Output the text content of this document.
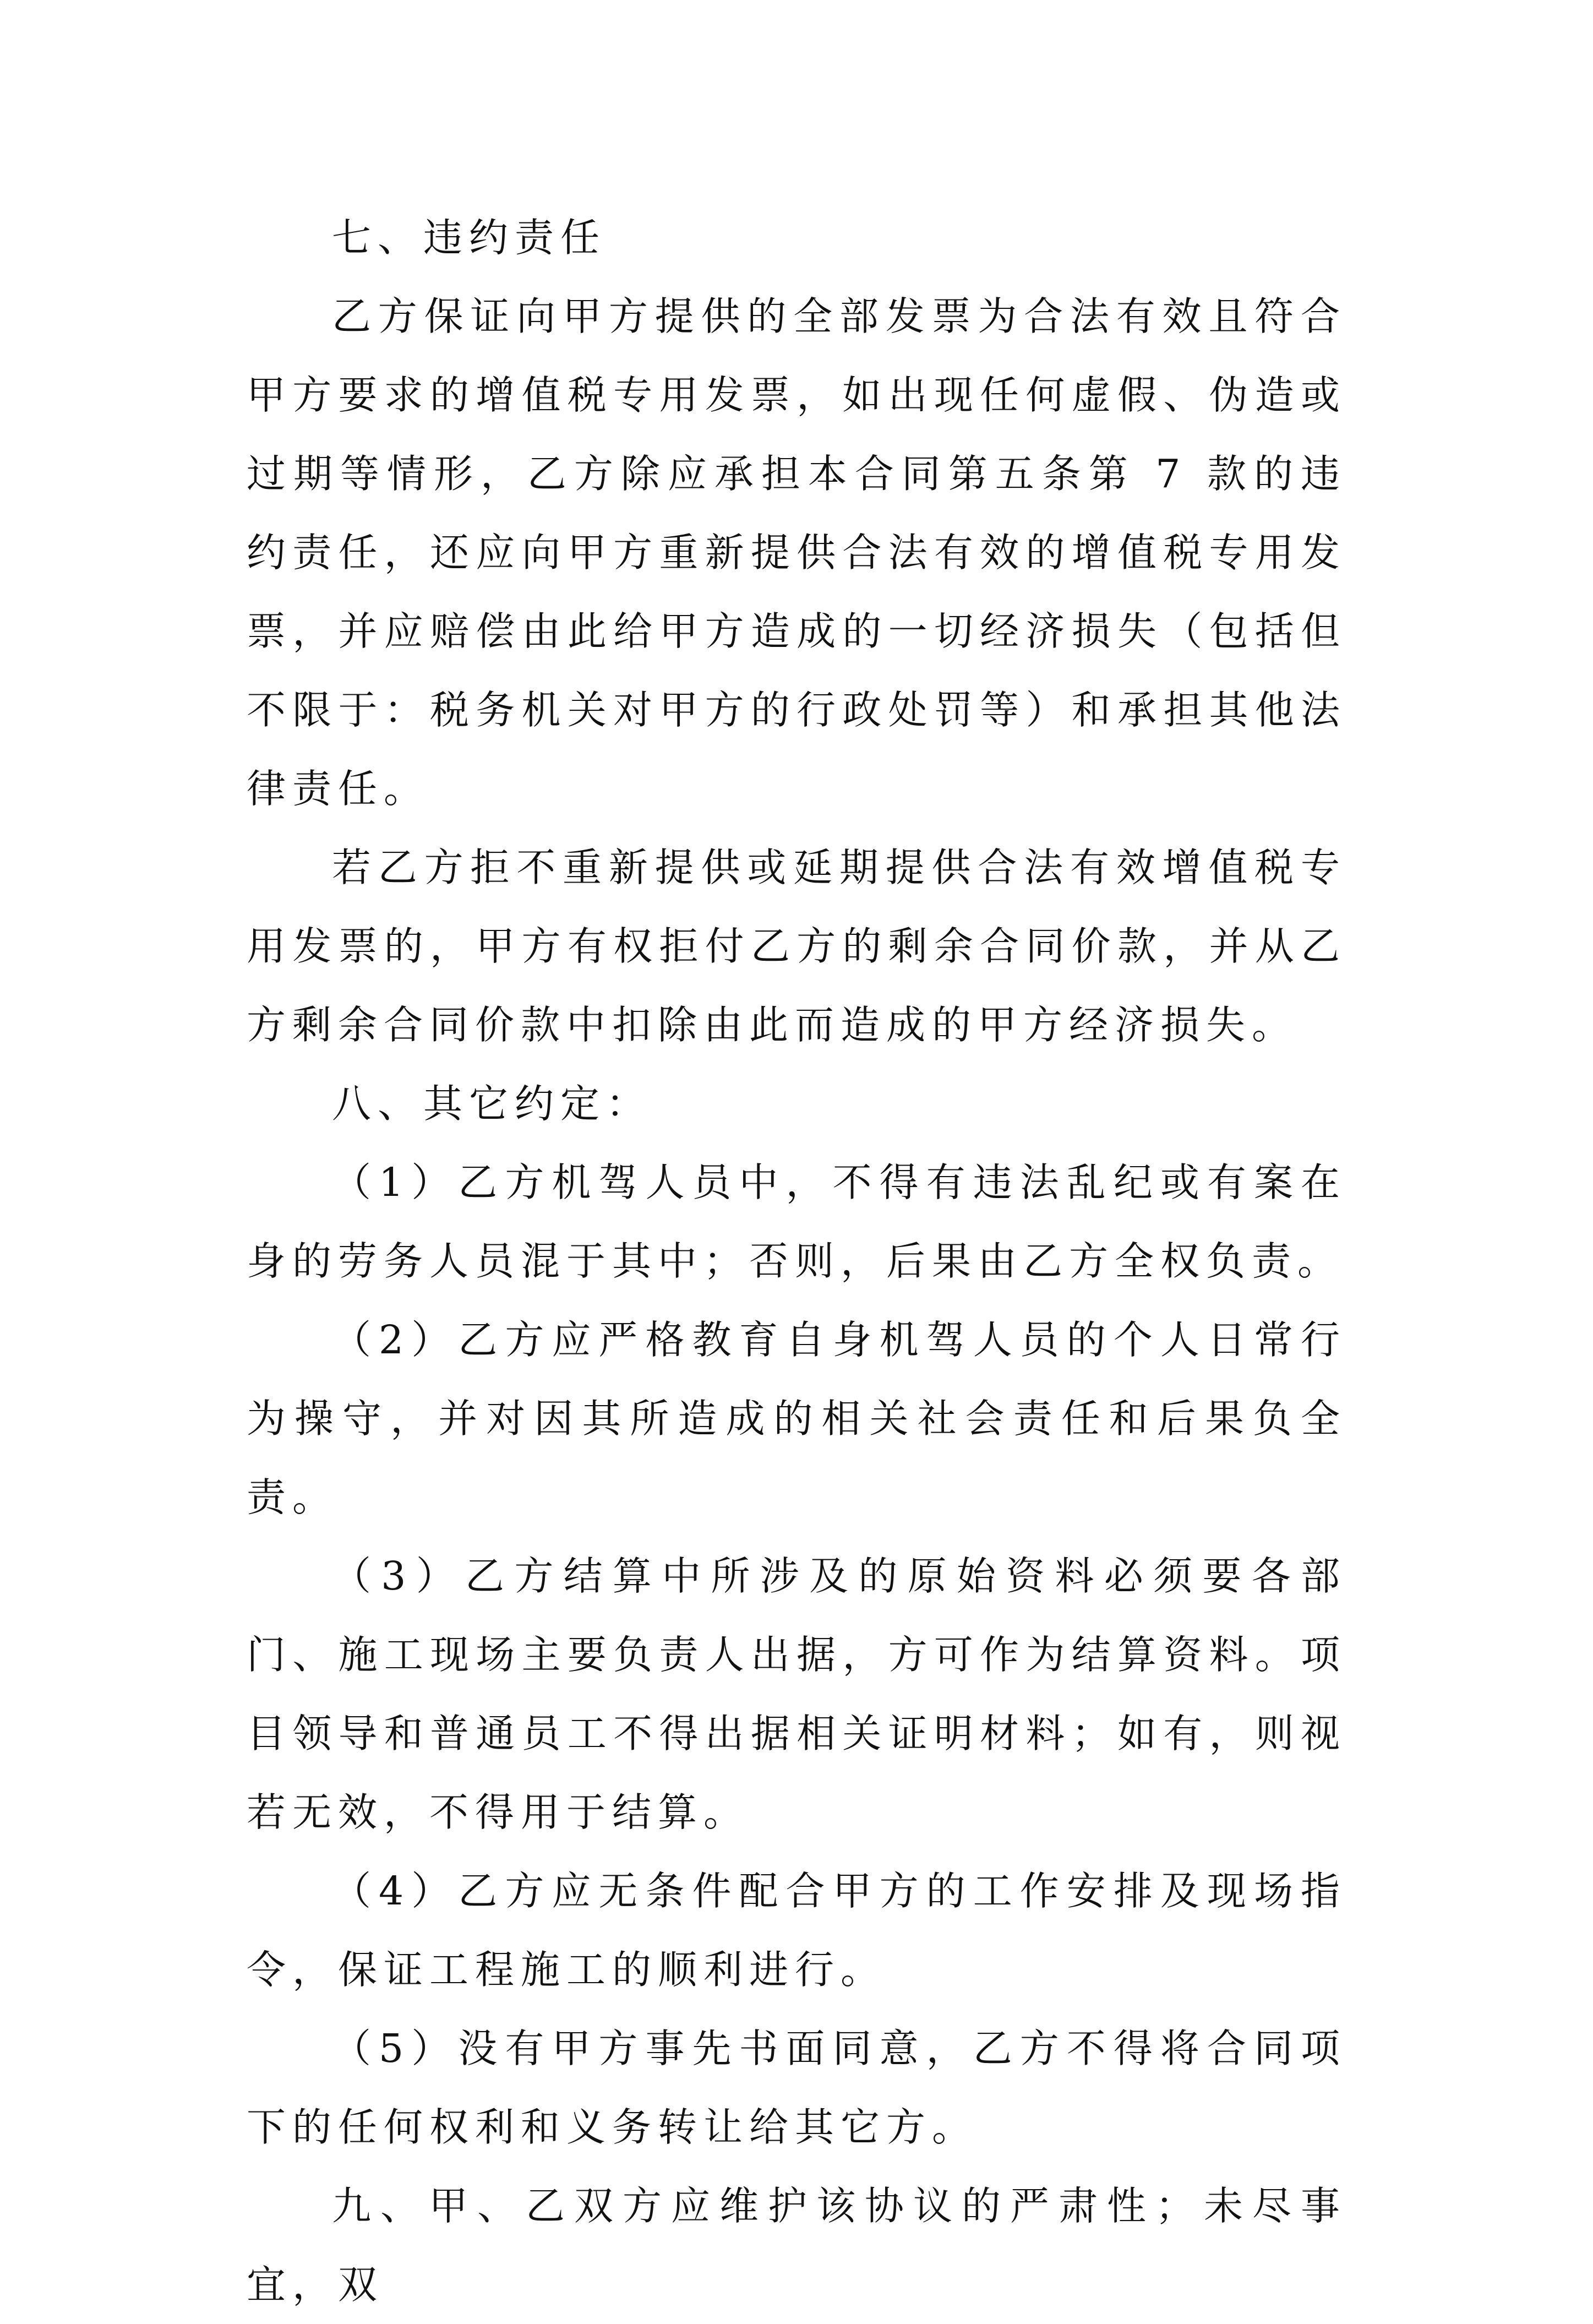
七、违约责任

乙方保证向甲方提供的全部发票为合法有效且符合甲方要求的增值税专用发票，如出现任何虚假、伪造或过期等情形，乙方除应承担本合同第五条第 7 款的违约责任，还应向甲方重新提供合法有效的增值税专用发票，并应赔偿由此给甲方造成的一切经济损失（包括但不限于：税务机关对甲方的行政处罚等）和承担其他法律责任。

若乙方拒不重新提供或延期提供合法有效增值税专用发票的，甲方有权拒付乙方的剩余合同价款，并从乙方剩余合同价款中扣除由此而造成的甲方经济损失。

八、其它约定：

（1）乙方机驾人员中，不得有违法乱纪或有案在身的劳务人员混于其中；否则，后果由乙方全权负责。

（2）乙方应严格教育自身机驾人员的个人日常行为操守，并对因其所造成的相关社会责任和后果负全责。

（3）乙方结算中所涉及的原始资料必须要各部门、施工现场主要负责人出据，方可作为结算资料。项目领导和普通员工不得出据相关证明材料；如有，则视若无效，不得用于结算。

（4）乙方应无条件配合甲方的工作安排及现场指令，保证工程施工的顺利进行。

（5）没有甲方事先书面同意，乙方不得将合同项下的任何权利和义务转让给其它方。

九、甲、乙双方应维护该协议的严肃性；未尽事宜，双
